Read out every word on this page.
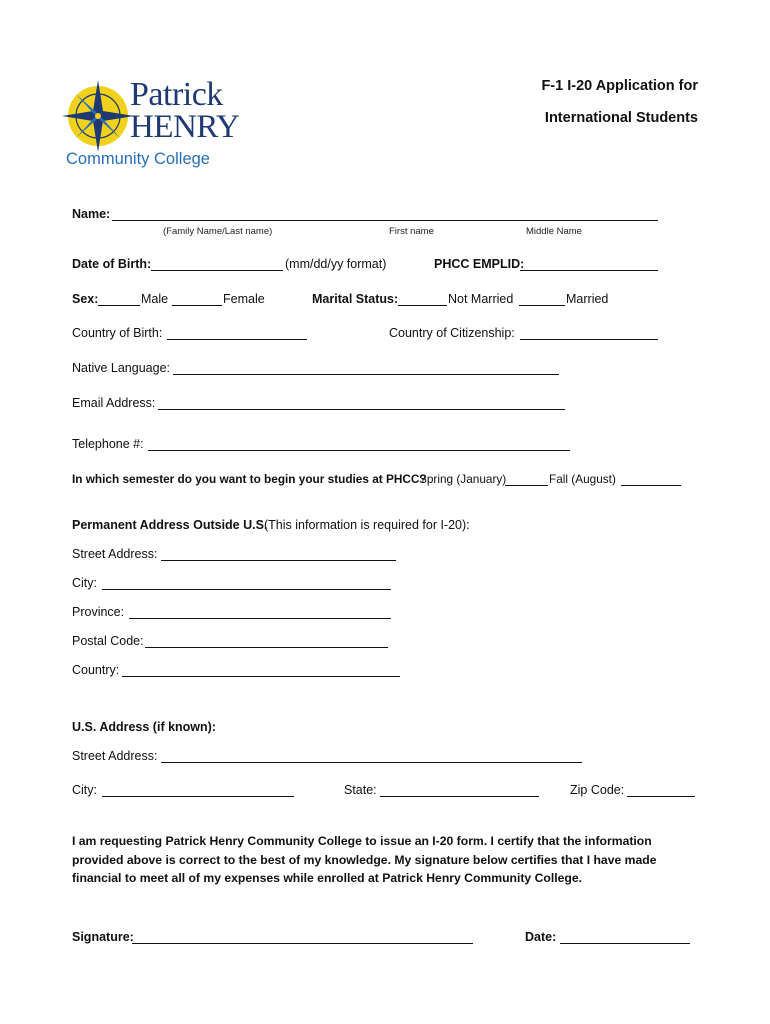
Patrick
HENRY
Community College
F-1 I-20 Application for
International Students
Name:
(Family Name/Last name)	First name	Middle Name
Date of Birth:	(mm/dd/yy format)	PHCC EMPLID:
Sex:	Male	Female	Marital Status:	Not Married	Married
Country of Birth:	Country of Citizenship:
Native Language:
Email Address:
Telephone #:
In which semester do you want to begin your studies at PHCC?
Spring (January)	Fall (August)
Permanent Address Outside U.S.
(This information is required for I-20):
Street Address:
City:
Province:
Postal Code:
Country:
U.S. Address (if known):
Street Address:
City:	State:	Zip Code:
I am requesting Patrick Henry Community College to issue an I-20 form. I certify that the information provided above is correct to the best of my knowledge. My signature below certifies that I have made financial to meet all of my expenses while enrolled at Patrick Henry Community College.
Signature:	Date:
